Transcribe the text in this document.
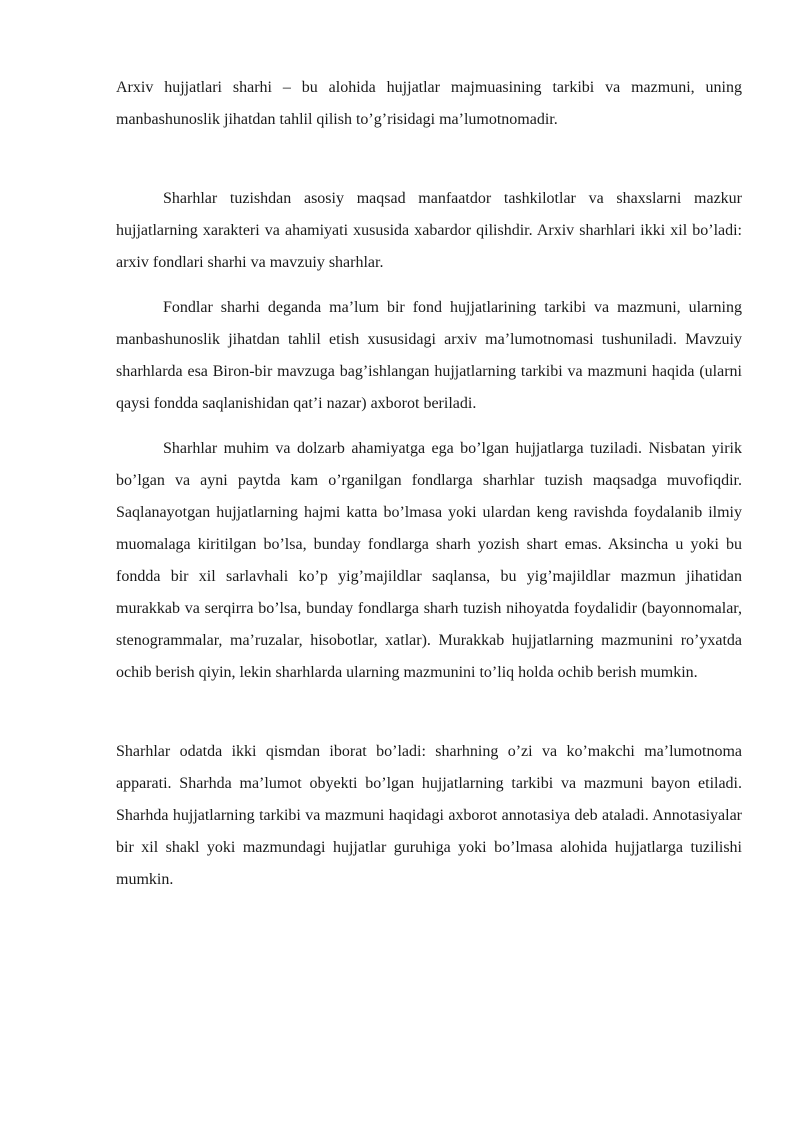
Arxiv hujjatlari sharhi – bu alohida hujjatlar majmuasining tarkibi va mazmuni, uning manbashunoslik jihatdan tahlil qilish to’g’risidagi ma’lumotnomadir.

Sharhlar tuzishdan asosiy maqsad manfaatdor tashkilotlar va shaxslarni mazkur hujjatlarning xarakteri va ahamiyati xususida xabardor qilishdir. Arxiv sharhlari ikki xil bo’ladi: arxiv fondlari sharhi va mavzuiy sharhlar.

Fondlar sharhi deganda ma’lum bir fond hujjatlarining tarkibi va mazmuni, ularning manbashunoslik jihatdan tahlil etish xususidagi arxiv ma’lumotnomasi tushuniladi. Mavzuiy sharhlarda esa Biron-bir mavzuga bag’ishlangan hujjatlarning tarkibi va mazmuni haqida (ularni qaysi fondda saqlanishidan qat’i nazar) axborot beriladi.

Sharhlar muhim va dolzarb ahamiyatga ega bo’lgan hujjatlarga tuziladi. Nisbatan yirik bo’lgan va ayni paytda kam o’rganilgan fondlarga sharhlar tuzish maqsadga muvofiqdir. Saqlanayotgan hujjatlarning hajmi katta bo’lmasa yoki ulardan keng ravishda foydalanib ilmiy muomalaga kiritilgan bo’lsa, bunday fondlarga sharh yozish shart emas. Aksincha u yoki bu fondda bir xil sarlavhali ko’p yig’majildlar saqlansa, bu yig’majildlar mazmun jihatidan murakkab va serqirra bo’lsa, bunday fondlarga sharh tuzish nihoyatda foydalidir (bayonnomalar, stenogrammalar, ma’ruzalar, hisobotlar, xatlar). Murakkab hujjatlarning mazmunini ro’yxatda ochib berish qiyin, lekin sharhlarda ularning mazmunini to’liq holda ochib berish mumkin.

Sharhlar odatda ikki qismdan iborat bo’ladi: sharhning o’zi va ko’makchi ma’lumotnoma apparati. Sharhda ma’lumot obyekti bo’lgan hujjatlarning tarkibi va mazmuni bayon etiladi. Sharhda hujjatlarning tarkibi va mazmuni haqidagi axborot annotasiya deb ataladi. Annotasiyalar bir xil shakl yoki mazmundagi hujjatlar guruhiga yoki bo’lmasa alohida hujjatlarga tuzilishi mumkin.
